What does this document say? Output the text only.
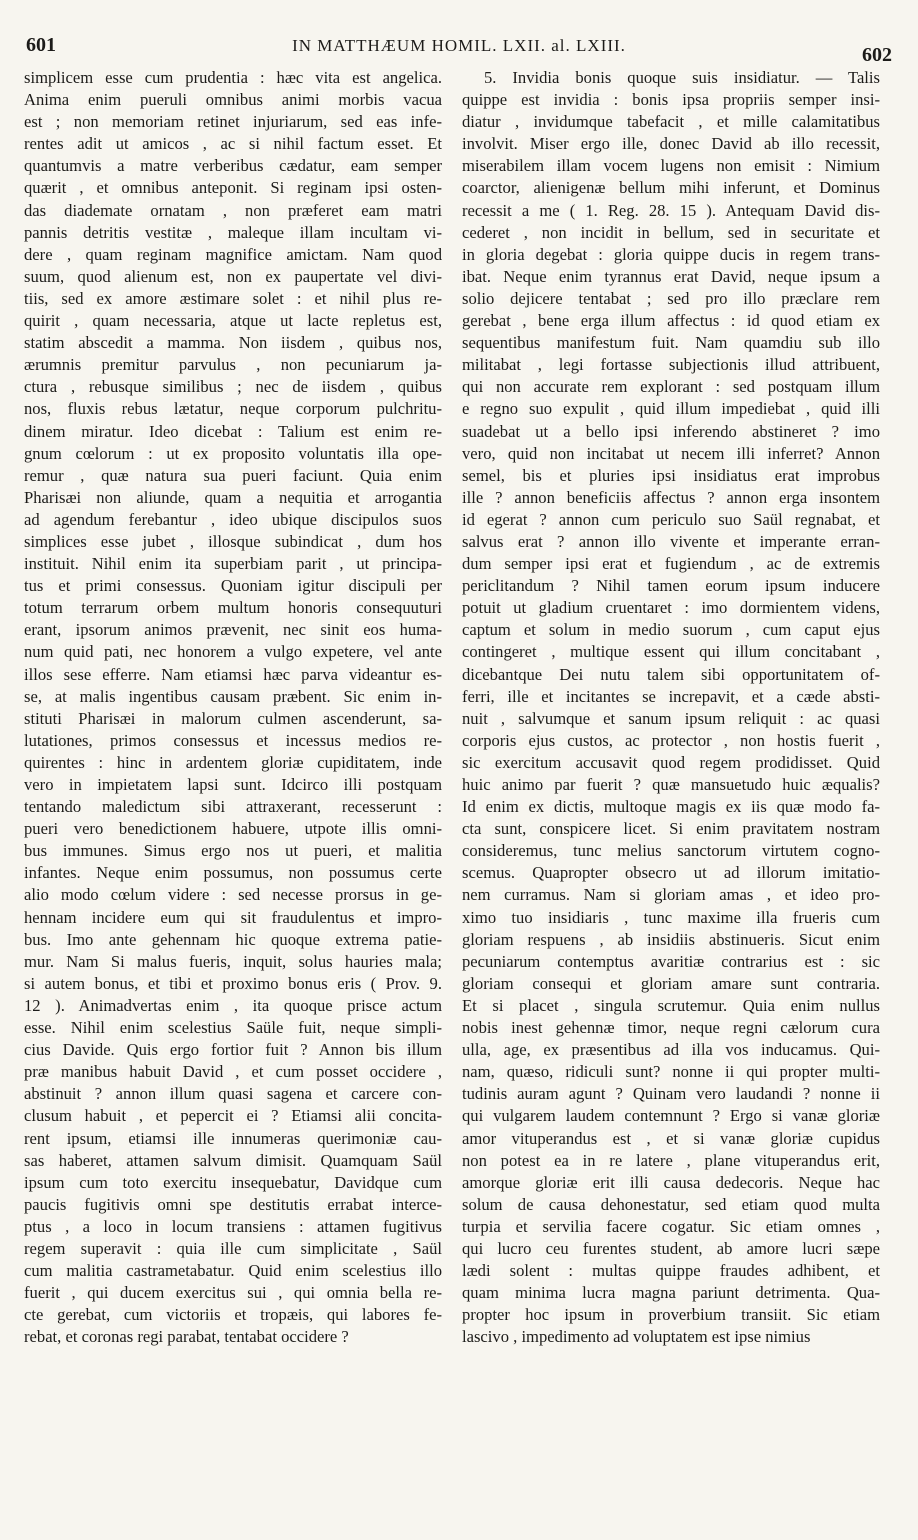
601	IN MATTHÆUM HOMIL. LXII. al. LXIII.	602
simplicem esse cum prudentia : hæc vita est angelica.
Anima enim pueruli omnibus animi morbis vacua
est ; non memoriam retinet injuriarum, sed eas infe-
rentes adit ut amicos , ac si nihil factum esset. Et
quantumvis a matre verberibus cædatur, eam semper
quærit , et omnibus anteponit. Si reginam ipsi osten-
das diademate ornatam , non præferet eam matri
pannis detritis vestitæ , maleque illam incultam vi-
dere , quam reginam magnifice amictam. Nam quod
suum, quod alienum est, non ex paupertate vel divi-
tiis, sed ex amore æstimare solet : et nihil plus re-
quirit , quam necessaria, atque ut lacte repletus est,
statim abscedit a mamma. Non iisdem , quibus nos,
ærumnis premitur parvulus , non pecuniarum ja-
ctura , rebusque similibus ; nec de iisdem , quibus
nos, fluxis rebus lætatur, neque corporum pulchritu-
dinem miratur. Ideo dicebat : Talium est enim re-
gnum cœlorum : ut ex proposito voluntatis illa ope-
remur , quæ natura sua pueri faciunt. Quia enim
Pharisæi non aliunde, quam a nequitia et arrogantia
ad agendum ferebantur , ideo ubique discipulos suos
simplices esse jubet , illosque subindicat , dum hos
instituit. Nihil enim ita superbiam parit , ut principa-
tus et primi consessus. Quoniam igitur discipuli per
totum terrarum orbem multum honoris consequuturi
erant, ipsorum animos prævenit, nec sinit eos huma-
num quid pati, nec honorem a vulgo expetere, vel ante
illos sese efferre. Nam etiamsi hæc parva videantur es-
se, at malis ingentibus causam præbent. Sic enim in-
stituti Pharisæi in malorum culmen ascenderunt, sa-
lutationes, primos consessus et incessus medios re-
quirentes : hinc in ardentem gloriæ cupiditatem, inde
vero in impietatem lapsi sunt. Idcirco illi postquam
tentando maledictum sibi attraxerant, recesserunt :
pueri vero benedictionem habuere, utpote illis omni-
bus immunes. Simus ergo nos ut pueri, et malitia
infantes. Neque enim possumus, non possumus certe
alio modo cœlum videre : sed necesse prorsus in ge-
hennam incidere eum qui sit fraudulentus et impro-
bus. Imo ante gehennam hic quoque extrema patie-
mur. Nam Si malus fueris, inquit, solus hauries mala;
si autem bonus, et tibi et proximo bonus eris ( Prov. 9.
12 ). Animadvertas enim , ita quoque prisce actum
esse. Nihil enim scelestius Saüle fuit, neque simpli-
cius Davide. Quis ergo fortior fuit ? Annon bis illum
præ manibus habuit David , et cum posset occidere ,
abstinuit ? annon illum quasi sagena et carcere con-
clusum habuit , et pepercit ei ? Etiamsi alii concita-
rent ipsum, etiamsi ille innumeras querimoniæ cau-
sas haberet, attamen salvum dimisit. Quamquam Saül
ipsum cum toto exercitu insequebatur, Davidque cum
paucis fugitivis omni spe destitutis errabat interce-
ptus , a loco in locum transiens : attamen fugitivus
regem superavit : quia ille cum simplicitate , Saül
cum malitia castrametabatur. Quid enim scelestius illo
fuerit , qui ducem exercitus sui , qui omnia bella re-
cte gerebat, cum victoriis et tropæis, qui labores fe-
rebat, et coronas regi parabat, tentabat occidere ?
5. Invidia bonis quoque suis insidiatur. — Talis
quippe est invidia : bonis ipsa propriis semper insi-
diatur , invidumque tabefacit , et mille calamitatibus
involvit. Miser ergo ille, donec David ab illo recessit,
miserabilem illam vocem lugens non emisit : Nimium
coarctor, alienigenæ bellum mihi inferunt, et Dominus
recessit a me ( 1. Reg. 28. 15 ). Antequam David dis-
cederet , non incidit in bellum, sed in securitate et
in gloria degebat : gloria quippe ducis in regem trans-
ibat. Neque enim tyrannus erat David, neque ipsum a
solio dejicere tentabat ; sed pro illo præclare rem
gerebat , bene erga illum affectus : id quod etiam ex
sequentibus manifestum fuit. Nam quamdiu sub illo
militabat , legi fortasse subjectionis illud attribuent,
qui non accurate rem explorant : sed postquam illum
e regno suo expulit , quid illum impediebat , quid illi
suadebat ut a bello ipsi inferendo abstineret ? imo
vero, quid non incitabat ut necem illi inferret? Annon
semel, bis et pluries ipsi insidiatus erat improbus
ille ? annon beneficiis affectus ? annon erga insontem
id egerat ? annon cum periculo suo Saül regnabat, et
salvus erat ? annon illo vivente et imperante erran-
dum semper ipsi erat et fugiendum , ac de extremis
periclitandum ? Nihil tamen eorum ipsum inducere
potuit ut gladium cruentaret : imo dormientem videns,
captum et solum in medio suorum , cum caput ejus
contingeret , multique essent qui illum concitabant ,
dicebantque Dei nutu talem sibi opportunitatem of-
ferri, ille et incitantes se increpavit, et a cæde absti-
nuit , salvumque et sanum ipsum reliquit : ac quasi
corporis ejus custos, ac protector , non hostis fuerit ,
sic exercitum accusavit quod regem prodidisset. Quid
huic animo par fuerit ? quæ mansuetudo huic æqualis?
Id enim ex dictis, multoque magis ex iis quæ modo fa-
cta sunt, conspicere licet. Si enim pravitatem nostram
consideremus, tunc melius sanctorum virtutem cogno-
scemus. Quapropter obsecro ut ad illorum imitatio-
nem curramus. Nam si gloriam amas , et ideo pro-
ximo tuo insidiaris , tunc maxime illa frueris cum
gloriam respuens , ab insidiis abstinueris. Sicut enim
pecuniarum contemptus avaritiæ contrarius est : sic
gloriam consequi et gloriam amare sunt contraria.
Et si placet , singula scrutemur. Quia enim nullus
nobis inest gehennæ timor, neque regni cælorum cura
ulla, age, ex præsentibus ad illa vos inducamus. Qui-
nam, quæso, ridiculi sunt? nonne ii qui propter multi-
tudinis auram agunt ? Quinam vero laudandi ? nonne ii
qui vulgarem laudem contemnunt ? Ergo si vanæ gloriæ
amor vituperandus est , et si vanæ gloriæ cupidus
non potest ea in re latere , plane vituperandus erit,
amorque gloriæ erit illi causa dedecoris. Neque hac
solum de causa dehonestatur, sed etiam quod multa
turpia et servilia facere cogatur. Sic etiam omnes ,
qui lucro ceu furentes student, ab amore lucri sæpe
lædi solent : multas quippe fraudes adhibent, et
quam minima lucra magna pariunt detrimenta. Qua-
propter hoc ipsum in proverbium transiit. Sic etiam
lascivo , impedimento ad voluptatem est ipse nimius
